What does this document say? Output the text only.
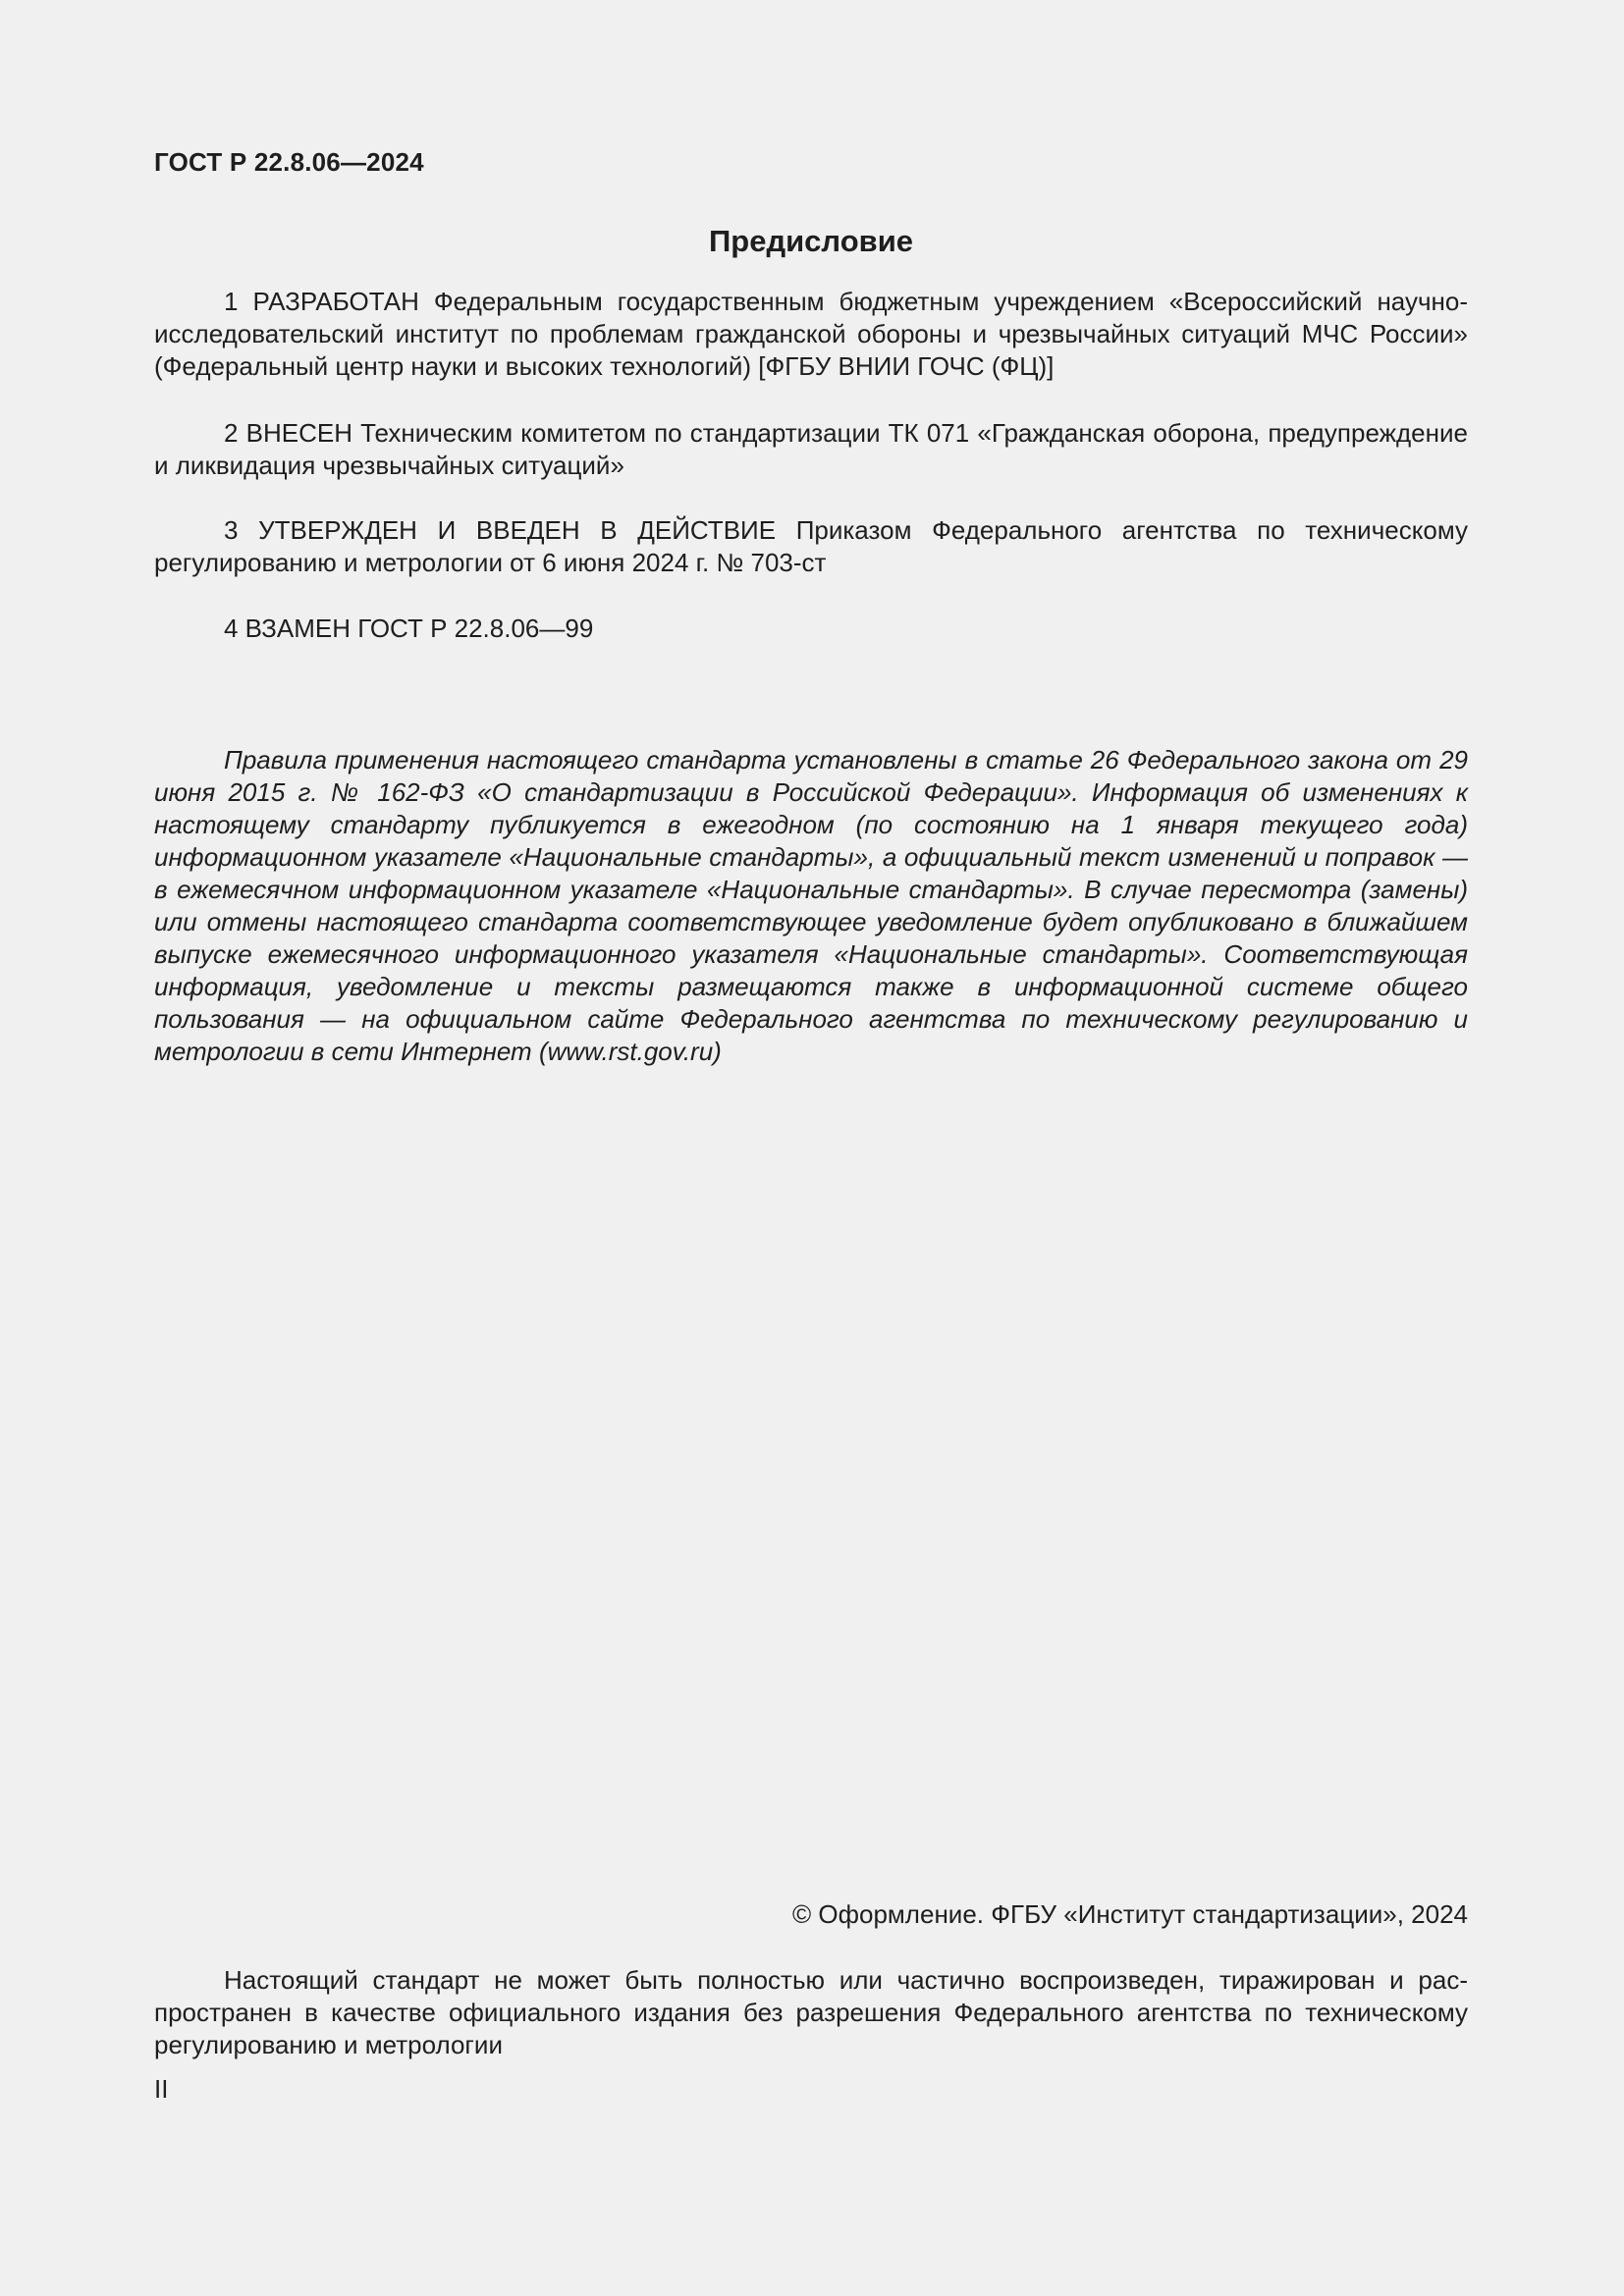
ГОСТ Р 22.8.06—2024
Предисловие

1 РАЗРАБОТАН Федеральным государственным бюджетным учреждением «Всероссийский научно-исследовательский институт по проблемам гражданской обороны и чрезвычайных ситуаций МЧС России» (Федеральный центр науки и высоких технологий) [ФГБУ ВНИИ ГОЧС (ФЦ)]

2 ВНЕСЕН Техническим комитетом по стандартизации ТК 071 «Гражданская оборона, предупреждение и ликвидация чрезвычайных ситуаций»

3 УТВЕРЖДЕН И ВВЕДЕН В ДЕЙСТВИЕ Приказом Федерального агентства по техническому регулированию и метрологии от 6 июня 2024 г. № 703-ст

4 ВЗАМЕН ГОСТ Р 22.8.06—99

Правила применения настоящего стандарта установлены в статье 26 Федерального закона от 29 июня 2015 г. № 162-ФЗ «О стандартизации в Российской Федерации». Информация об изменениях к настоящему стандарту публикуется в ежегодном (по состоянию на 1 января текущего года) информационном указателе «Национальные стандарты», а официальный текст изменений и поправок — в ежемесячном информационном указателе «Национальные стандарты». В случае пересмотра (замены) или отмены настоящего стандарта соответствующее уведомление будет опубликовано в ближайшем выпуске ежемесячного информационного указателя «Национальные стандарты». Соответствующая информация, уведомление и тексты размещаются также в информационной системе общего пользования — на официальном сайте Федерального агентства по техническому регулированию и метрологии в сети Интернет (www.rst.gov.ru)

© Оформление. ФГБУ «Институт стандартизации», 2024

Настоящий стандарт не может быть полностью или частично воспроизведен, тиражирован и распространен в качестве официального издания без разрешения Федерального агентства по техническому регулированию и метрологии

II
